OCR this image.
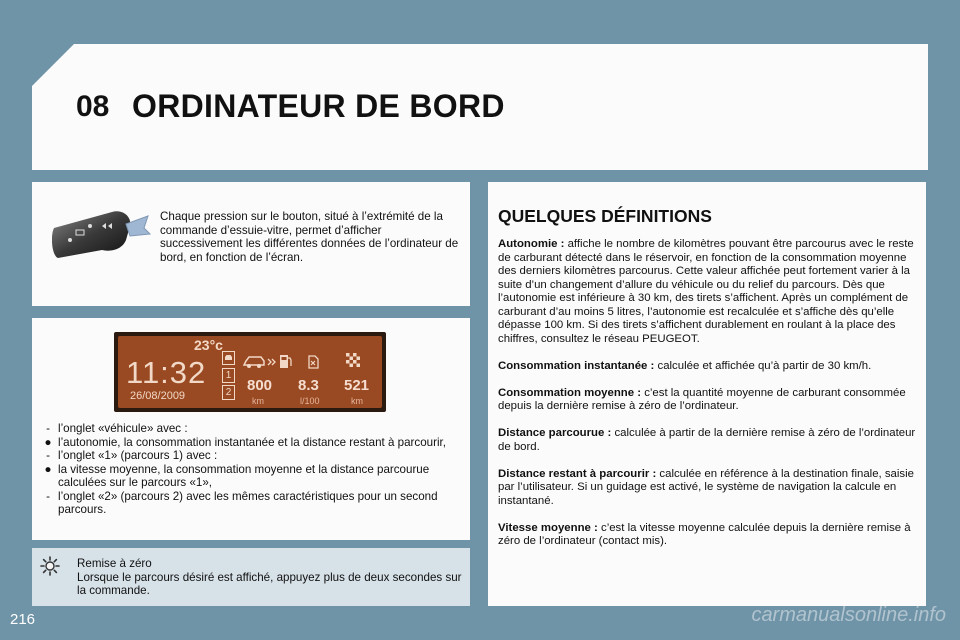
08 ORDINATEUR DE BORD
Chaque pression sur le bouton, situé à l’extrémité de la commande d’essuie-vitre, permet d’afficher successivement les différentes données de l’ordinateur de bord, en fonction de l’écran.
23°c
11:32
26/08/2009
1
2 800
km
8.3
l/100
521
km
- l’onglet «véhicule» avec :
● l’autonomie, la consommation instantanée et la distance restant à parcourir,
- l’onglet «1» (parcours 1) avec :
● la vitesse moyenne, la consommation moyenne et la distance parcourue calculées sur le parcours «1»,
- l’onglet «2» (parcours 2) avec les mêmes caractéristiques pour un second parcours.
Remise à zéro
Lorsque le parcours désiré est affiché, appuyez plus de deux secondes sur la commande.
QUELQUES DÉFINITIONS

Autonomie : affiche le nombre de kilomètres pouvant être parcourus avec le reste de carburant détecté dans le réservoir, en fonction de la consommation moyenne des derniers kilomètres parcourus. Cette valeur affichée peut fortement varier à la suite d’un changement d’allure du véhicule ou du relief du parcours. Dès que l’autonomie est inférieure à 30 km, des tirets s’affichent. Après un complément de carburant d’au moins 5 litres, l’autonomie est recalculée et s’affiche dès qu’elle dépasse 100 km. Si des tirets s’affichent durablement en roulant à la place des chiffres, consultez le réseau PEUGEOT.

Consommation instantanée : calculée et affichée qu’à partir de 30 km/h.

Consommation moyenne : c’est la quantité moyenne de carburant consommée depuis la dernière remise à zéro de l’ordinateur.

Distance parcourue : calculée à partir de la dernière remise à zéro de l’ordinateur de bord.

Distance restant à parcourir : calculée en référence à la destination finale, saisie par l’utilisateur. Si un guidage est activé, le système de navigation la calcule en instantané.

Vitesse moyenne : c’est la vitesse moyenne calculée depuis la dernière remise à zéro de l’ordinateur (contact mis).

216	carmanualsonline.info
